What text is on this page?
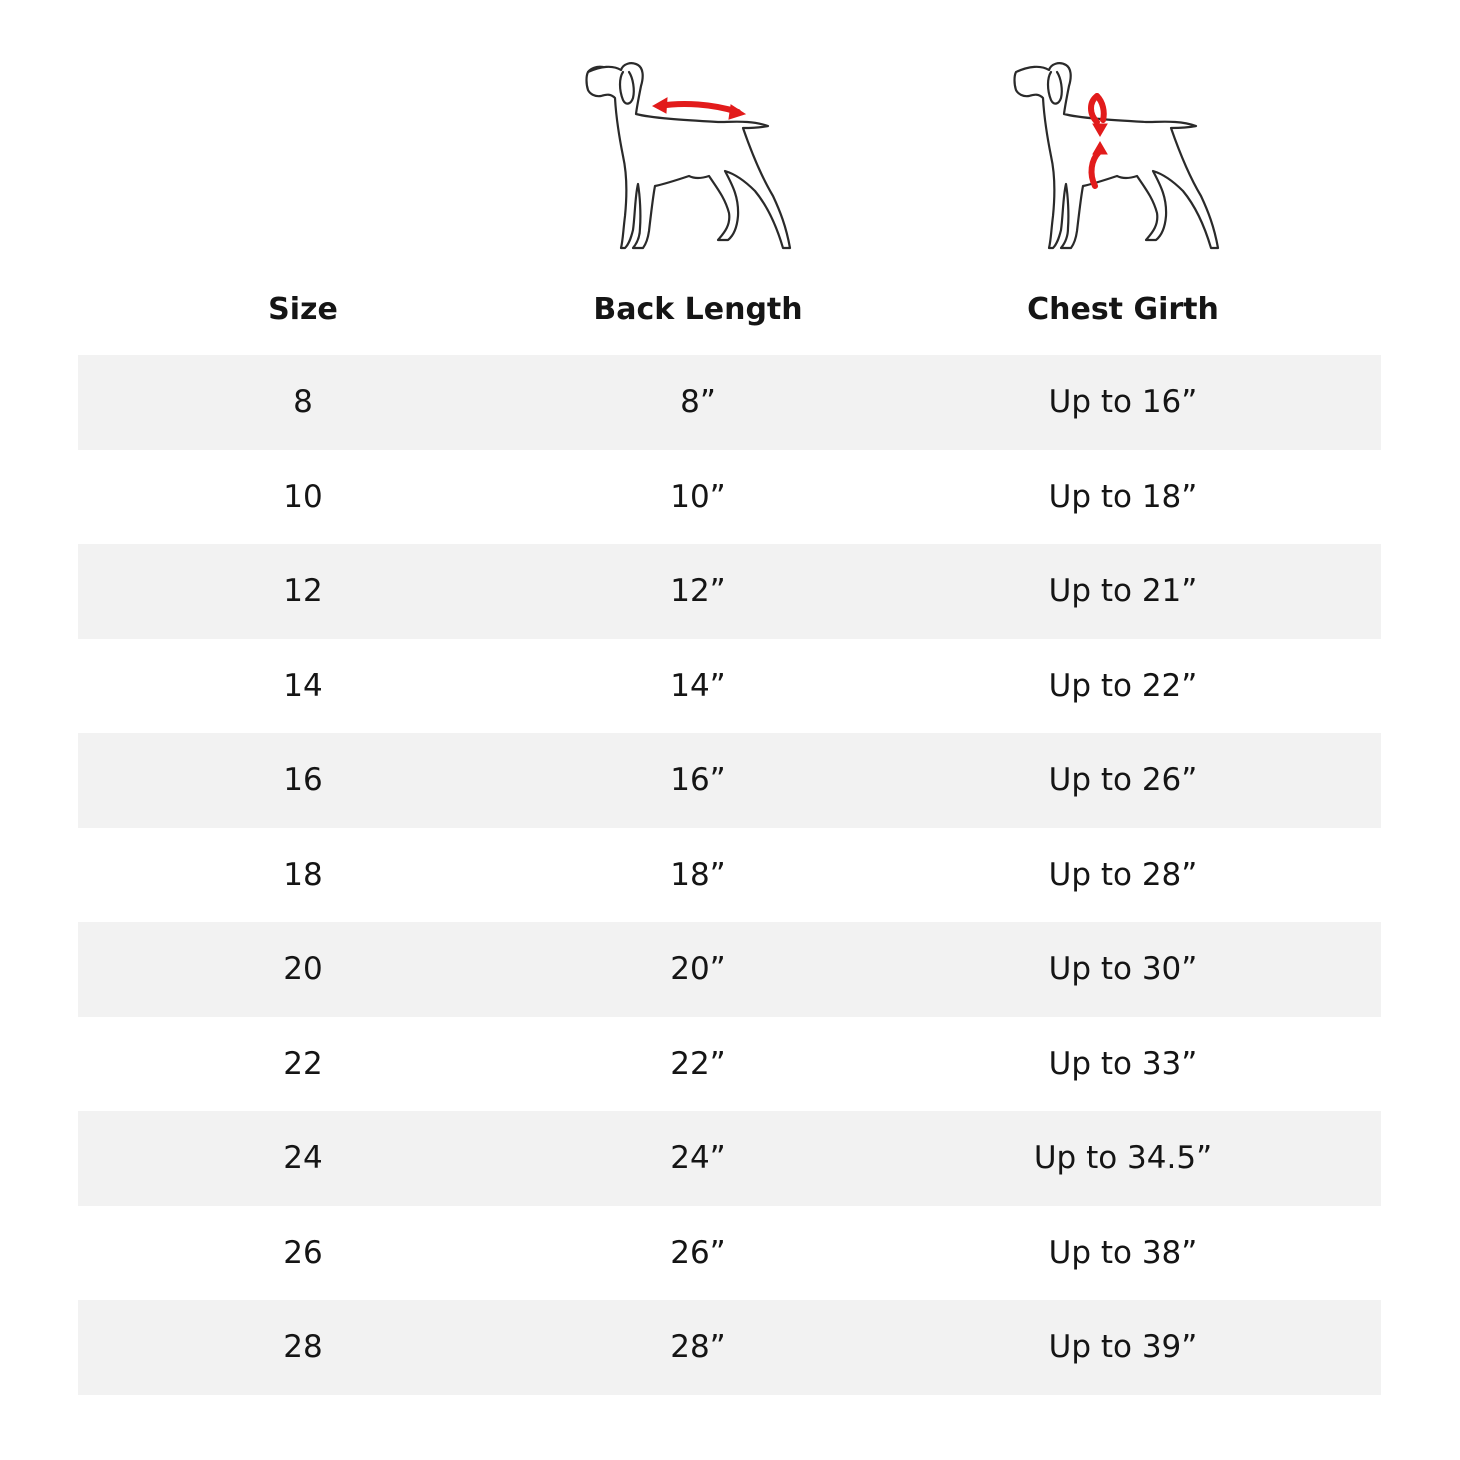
Size	Back Length	Chest Girth
8	8”	Up to 16”
10	10”	Up to 18”
12	12”	Up to 21”
14	14”	Up to 22”
16	16”	Up to 26”
18	18”	Up to 28”
20	20”	Up to 30”
22	22”	Up to 33”
24	24”	Up to 34.5”
26	26”	Up to 38”
28	28”	Up to 39”
